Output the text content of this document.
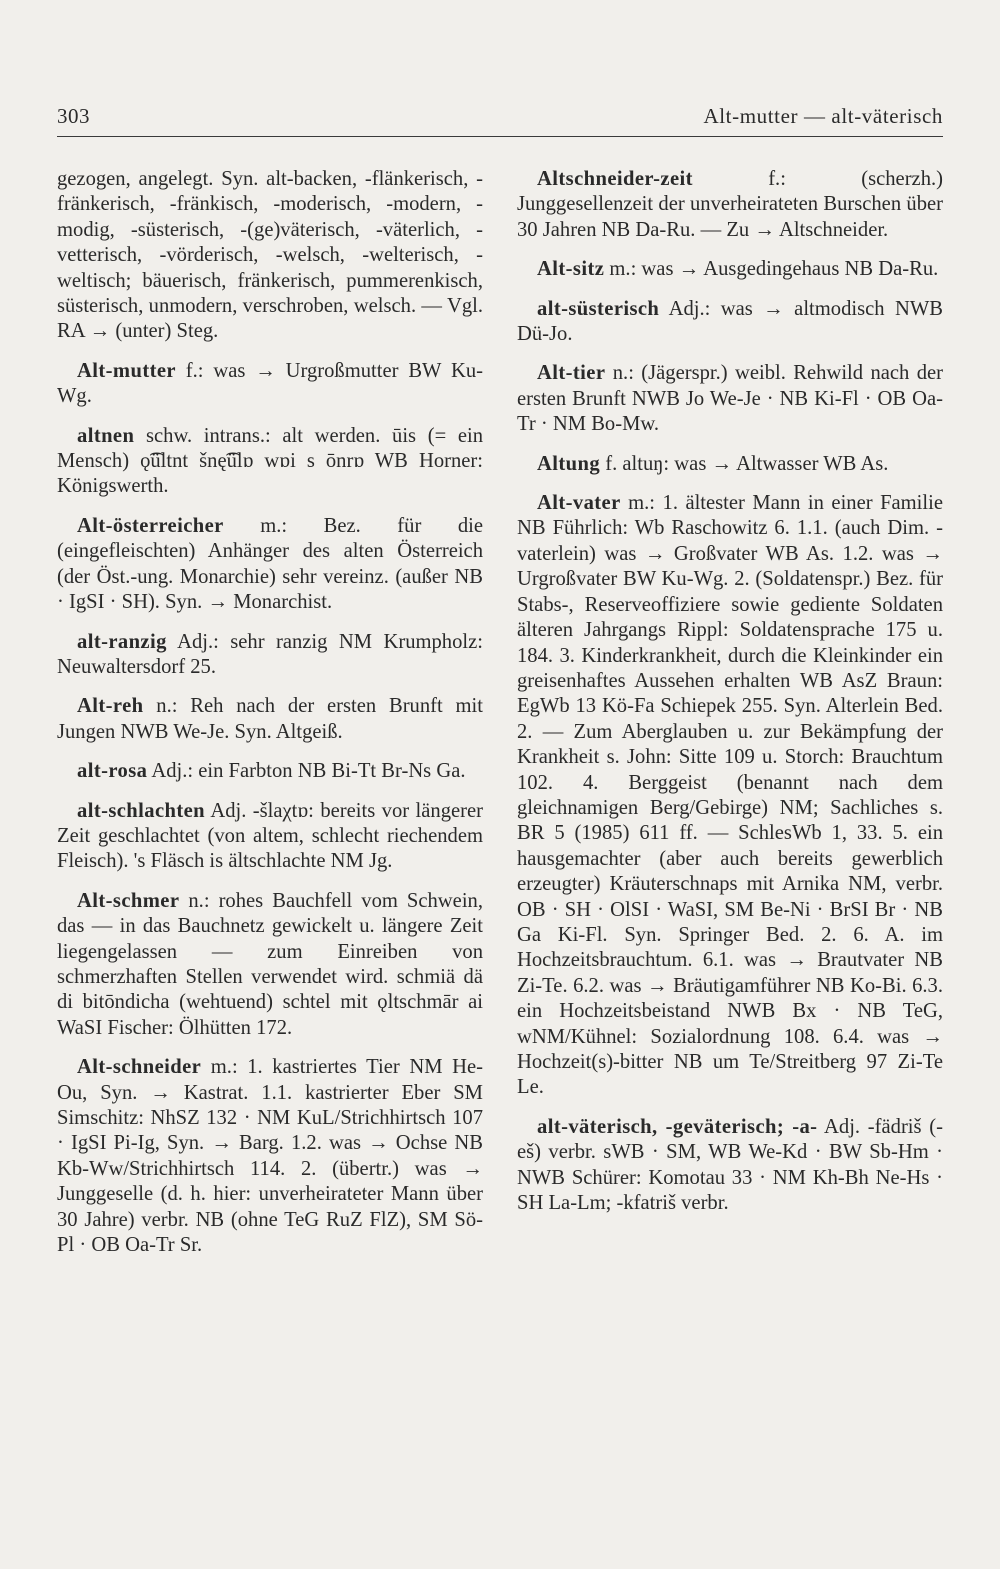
303	Alt-mutter — alt-väterisch

gezogen, angelegt. Syn. alt-backen, -flänkerisch, -fränkerisch, -fränkisch, -moderisch, -modern, -modig, -süsterisch, -(ge)väterisch, -väterlich, -vetterisch, -vörderisch, -welsch, -welterisch, -weltisch; bäuerisch, fränkerisch, pummerenkisch, süsterisch, unmodern, verschroben, welsch. — Vgl. RA → (unter) Steg.

Alt-mutter f.: was → Urgroßmutter BW Ku-Wg.

altnen schw. intrans.: alt werden. ūis (= ein Mensch) ǫ͡ültnt šnę͡ülɒ wɒi s ōnrɒ WB Horner: Königswerth.

Alt-österreicher m.: Bez. für die (eingefleischten) Anhänger des alten Österreich (der Öst.-ung. Monarchie) sehr vereinz. (außer NB · IgSI · SH). Syn. → Monarchist.

alt-ranzig Adj.: sehr ranzig NM Krumpholz: Neuwaltersdorf 25.

Alt-reh n.: Reh nach der ersten Brunft mit Jungen NWB We-Je. Syn. Altgeiß.

alt-rosa Adj.: ein Farbton NB Bi-Tt Br-Ns Ga.

alt-schlachten Adj. -šlaχtɒ: bereits vor längerer Zeit geschlachtet (von altem, schlecht riechendem Fleisch). 's Fläsch is ältschlachte NM Jg.

Alt-schmer n.: rohes Bauchfell vom Schwein, das — in das Bauchnetz gewickelt u. längere Zeit liegengelassen — zum Einreiben von schmerzhaften Stellen verwendet wird. schmiä dä di bitōndicha (wehtuend) schtel mit ǫltschmār ai WaSI Fischer: Ölhütten 172.

Alt-schneider m.: 1. kastriertes Tier NM He-Ou, Syn. → Kastrat. 1.1. kastrierter Eber SM Simschitz: NhSZ 132 · NM KuL/Strichhirtsch 107 · IgSI Pi-Ig, Syn. → Barg. 1.2. was → Ochse NB Kb-Ww/Strichhirtsch 114. 2. (übertr.) was → Junggeselle (d. h. hier: unverheirateter Mann über 30 Jahre) verbr. NB (ohne TeG RuZ FlZ), SM Sö-Pl · OB Oa-Tr Sr.

Altschneider-zeit f.: (scherzh.) Junggesellenzeit der unverheirateten Burschen über 30 Jahren NB Da-Ru. — Zu → Altschneider.

Alt-sitz m.: was → Ausgedingehaus NB Da-Ru.

alt-süsterisch Adj.: was → altmodisch NWB Dü-Jo.

Alt-tier n.: (Jägerspr.) weibl. Rehwild nach der ersten Brunft NWB Jo We-Je · NB Ki-Fl · OB Oa-Tr · NM Bo-Mw.

Altung f. altuŋ: was → Altwasser WB As.

Alt-vater m.: 1. ältester Mann in einer Familie NB Führlich: Wb Raschowitz 6. 1.1. (auch Dim. -vaterlein) was → Großvater WB As. 1.2. was → Urgroßvater BW Ku-Wg. 2. (Soldatenspr.) Bez. für Stabs-, Reserveoffiziere sowie gediente Soldaten älteren Jahrgangs Rippl: Soldatensprache 175 u. 184. 3. Kinderkrankheit, durch die Kleinkinder ein greisenhaftes Aussehen erhalten WB AsZ Braun: EgWb 13 Kö-Fa Schiepek 255. Syn. Alterlein Bed. 2. — Zum Aberglauben u. zur Bekämpfung der Krankheit s. John: Sitte 109 u. Storch: Brauchtum 102. 4. Berggeist (benannt nach dem gleichnamigen Berg/Gebirge) NM; Sachliches s. BR 5 (1985) 611 ff. — SchlesWb 1, 33. 5. ein hausgemachter (aber auch bereits gewerblich erzeugter) Kräuterschnaps mit Arnika NM, verbr. OB · SH · OlSI · WaSI, SM Be-Ni · BrSI Br · NB Ga Ki-Fl. Syn. Springer Bed. 2. 6. A. im Hochzeitsbrauchtum. 6.1. was → Brautvater NB Zi-Te. 6.2. was → Bräutigamführer NB Ko-Bi. 6.3. ein Hochzeitsbeistand NWB Bx · NB TeG, wNM/Kühnel: Sozialordnung 108. 6.4. was → Hochzeit(s)-bitter NB um Te/Streitberg 97 Zi-Te Le.

alt-väterisch, -geväterisch; -a- Adj. -fädriš (-eš) verbr. sWB · SM, WB We-Kd · BW Sb-Hm · NWB Schürer: Komotau 33 · NM Kh-Bh Ne-Hs · SH La-Lm; -kfatriš verbr.
